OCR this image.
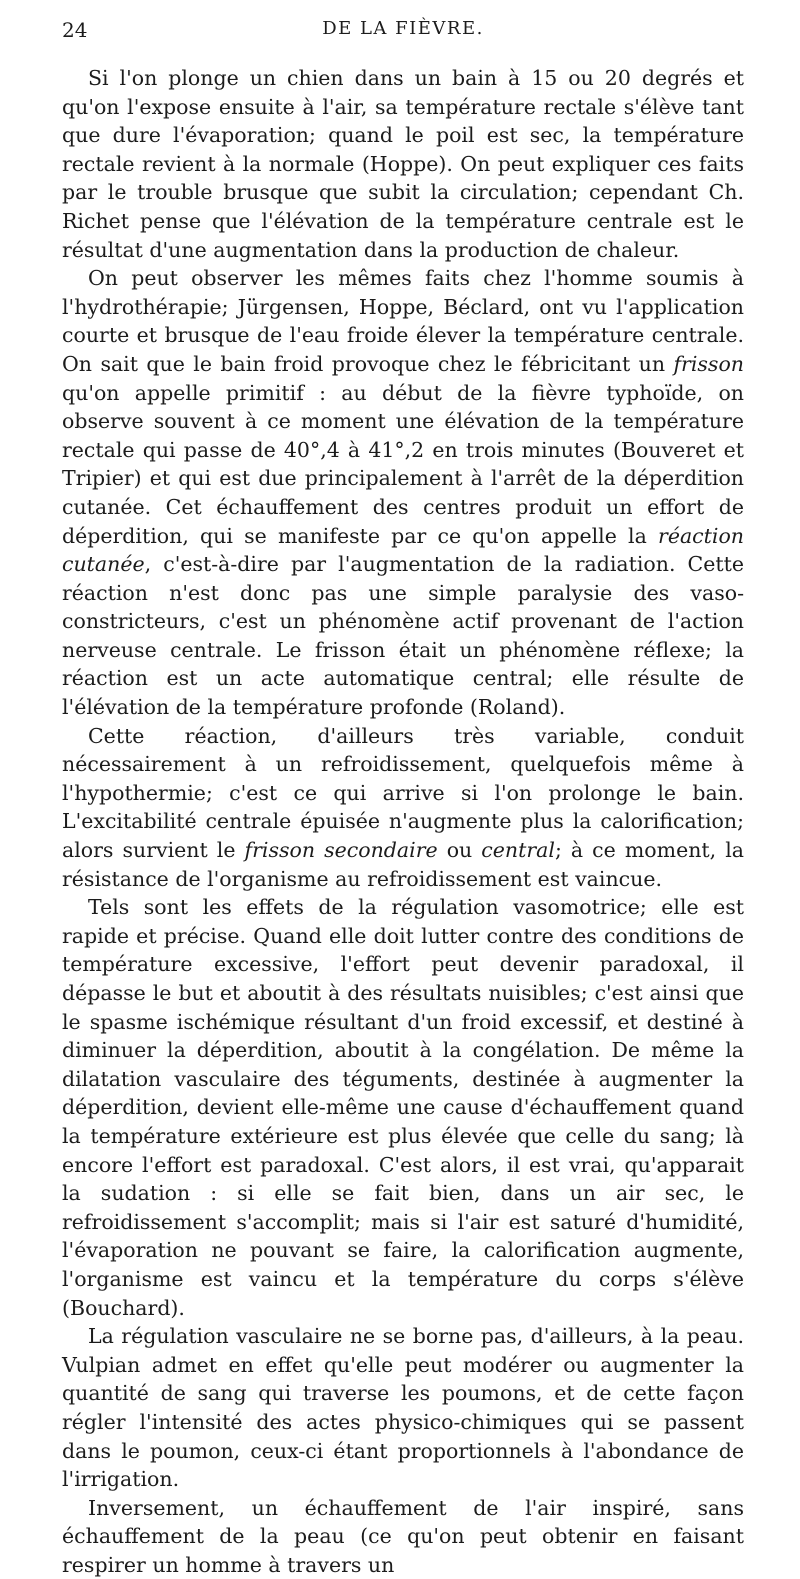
24	DE LA FIÈVRE.

Si l'on plonge un chien dans un bain à 15 ou 20 degrés et qu'on l'expose ensuite à l'air, sa température rectale s'élève tant que dure l'évaporation; quand le poil est sec, la température rectale revient à la normale (Hoppe). On peut expliquer ces faits par le trouble brusque que subit la circulation; cependant Ch. Richet pense que l'élévation de la température centrale est le résultat d'une augmentation dans la production de chaleur.

On peut observer les mêmes faits chez l'homme soumis à l'hydrothérapie; Jürgensen, Hoppe, Béclard, ont vu l'application courte et brusque de l'eau froide élever la température centrale. On sait que le bain froid provoque chez le fébricitant un frisson qu'on appelle primitif : au début de la fièvre typhoïde, on observe souvent à ce moment une élévation de la température rectale qui passe de 40°,4 à 41°,2 en trois minutes (Bouveret et Tripier) et qui est due principalement à l'arrêt de la déperdition cutanée. Cet échauffement des centres produit un effort de déperdition, qui se manifeste par ce qu'on appelle la réaction cutanée, c'est-à-dire par l'augmentation de la radiation. Cette réaction n'est donc pas une simple paralysie des vaso-constricteurs, c'est un phénomène actif provenant de l'action nerveuse centrale. Le frisson était un phénomène réflexe; la réaction est un acte automatique central; elle résulte de l'élévation de la température profonde (Roland).

Cette réaction, d'ailleurs très variable, conduit nécessairement à un refroidissement, quelquefois même à l'hypothermie; c'est ce qui arrive si l'on prolonge le bain. L'excitabilité centrale épuisée n'augmente plus la calorification; alors survient le frisson secondaire ou central; à ce moment, la résistance de l'organisme au refroidissement est vaincue.

Tels sont les effets de la régulation vasomotrice; elle est rapide et précise. Quand elle doit lutter contre des conditions de température excessive, l'effort peut devenir paradoxal, il dépasse le but et aboutit à des résultats nuisibles; c'est ainsi que le spasme ischémique résultant d'un froid excessif, et destiné à diminuer la déperdition, aboutit à la congélation. De même la dilatation vasculaire des téguments, destinée à augmenter la déperdition, devient elle-même une cause d'échauffement quand la température extérieure est plus élevée que celle du sang; là encore l'effort est paradoxal. C'est alors, il est vrai, qu'apparait la sudation : si elle se fait bien, dans un air sec, le refroidissement s'accomplit; mais si l'air est saturé d'humidité, l'évaporation ne pouvant se faire, la calorification augmente, l'organisme est vaincu et la température du corps s'élève (Bouchard).

La régulation vasculaire ne se borne pas, d'ailleurs, à la peau. Vulpian admet en effet qu'elle peut modérer ou augmenter la quantité de sang qui traverse les poumons, et de cette façon régler l'intensité des actes physico-chimiques qui se passent dans le poumon, ceux-ci étant proportionnels à l'abondance de l'irrigation.

Inversement, un échauffement de l'air inspiré, sans échauffement de la peau (ce qu'on peut obtenir en faisant respirer un homme à travers un
